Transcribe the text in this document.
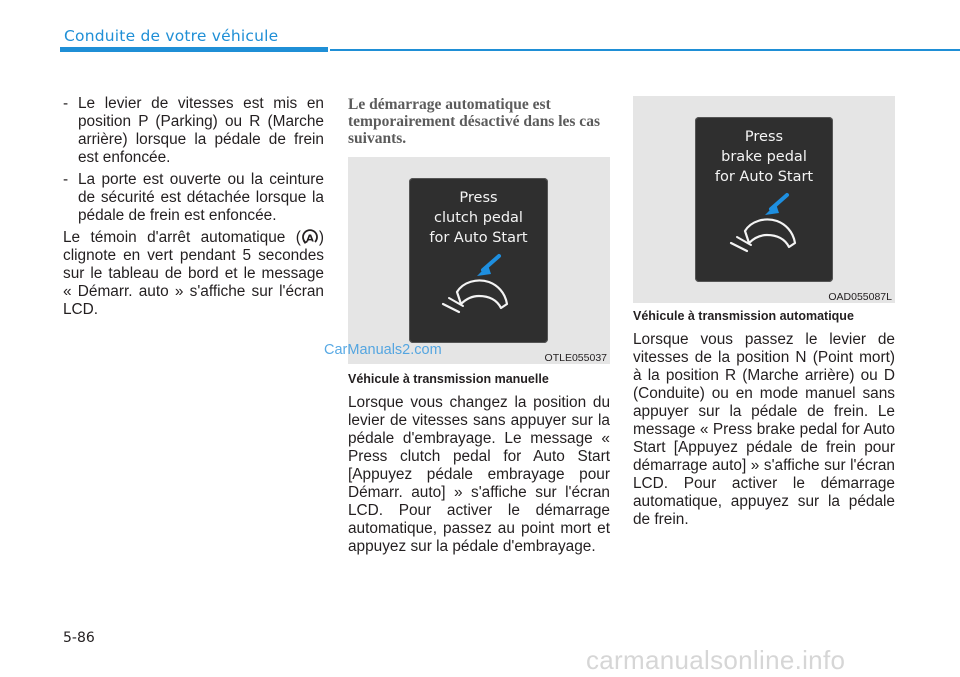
Conduite de votre véhicule
- Le levier de vitesses est mis en position P (Parking) ou R (Marche arrière) lorsque la pédale de frein est enfoncée.
- La porte est ouverte ou la ceinture de sécurité est détachée lorsque la pédale de frein est enfoncée.

Le témoin d'arrêt automatique ( A ) clignote en vert pendant 5 secondes sur le tableau de bord et le message « Démarr. auto » s'affiche sur l'écran LCD.

Le démarrage automatique est temporairement désactivé dans les cas suivants.
Press
clutch pedal
for Auto Start
OTLE055037
Véhicule à transmission manuelle

Lorsque vous changez la position du levier de vitesses sans appuyer sur la pédale d'embrayage. Le message « Press clutch pedal for Auto Start [Appuyez pédale embrayage pour Démarr. auto] » s'affiche sur l'écran LCD. Pour activer le démarrage automatique, passez au point mort et appuyez sur la pédale d'embrayage.

Press
brake pedal
for Auto Start
OAD055087L
Véhicule à transmission automatique

Lorsque vous passez le levier de vitesses de la position N (Point mort) à la position R (Marche arrière) ou D (Conduite) ou en mode manuel sans appuyer sur la pédale de frein. Le message « Press brake pedal for Auto Start [Appuyez pédale de frein pour démarrage auto] » s'affiche sur l'écran LCD. Pour activer le démarrage automatique, appuyez sur la pédale de frein.

CarManuals2.com
5-86
carmanualsonline.info
